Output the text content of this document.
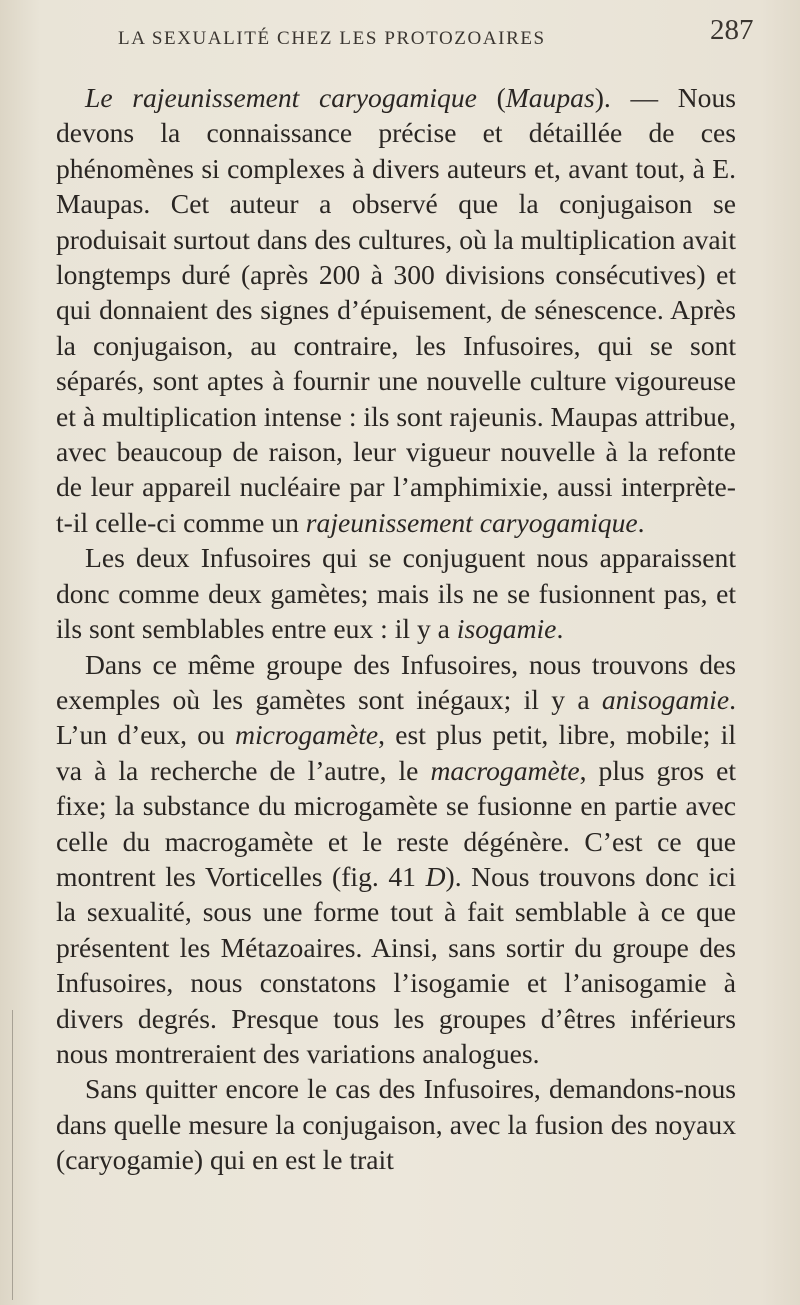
LA SEXUALITÉ CHEZ LES PROTOZOAIRES	287

Le rajeunissement caryogamique (Maupas). — Nous devons la connaissance précise et détaillée de ces phénomènes si complexes à divers auteurs et, avant tout, à E. Maupas. Cet auteur a observé que la conjugaison se produisait surtout dans des cultures, où la multiplication avait longtemps duré (après 200 à 300 divisions consécutives) et qui donnaient des signes d’épuisement, de sénescence. Après la conjugaison, au contraire, les Infusoires, qui se sont séparés, sont aptes à fournir une nouvelle culture vigoureuse et à multiplication intense : ils sont rajeunis. Maupas attribue, avec beaucoup de raison, leur vigueur nouvelle à la refonte de leur appareil nucléaire par l’amphimixie, aussi interprète-t-il celle-ci comme un rajeunissement caryogamique.

Les deux Infusoires qui se conjuguent nous apparaissent donc comme deux gamètes; mais ils ne se fusionnent pas, et ils sont semblables entre eux : il y a isogamie.

Dans ce même groupe des Infusoires, nous trouvons des exemples où les gamètes sont inégaux; il y a anisogamie. L’un d’eux, ou microgamète, est plus petit, libre, mobile; il va à la recherche de l’autre, le macrogamète, plus gros et fixe; la substance du microgamète se fusionne en partie avec celle du macrogamète et le reste dégénère. C’est ce que montrent les Vorticelles (fig. 41 D). Nous trouvons donc ici la sexualité, sous une forme tout à fait semblable à ce que présentent les Métazoaires. Ainsi, sans sortir du groupe des Infusoires, nous constatons l’isogamie et l’anisogamie à divers degrés. Presque tous les groupes d’êtres inférieurs nous montreraient des variations analogues.

Sans quitter encore le cas des Infusoires, demandons-nous dans quelle mesure la conjugaison, avec la fusion des noyaux (caryogamie) qui en est le trait
